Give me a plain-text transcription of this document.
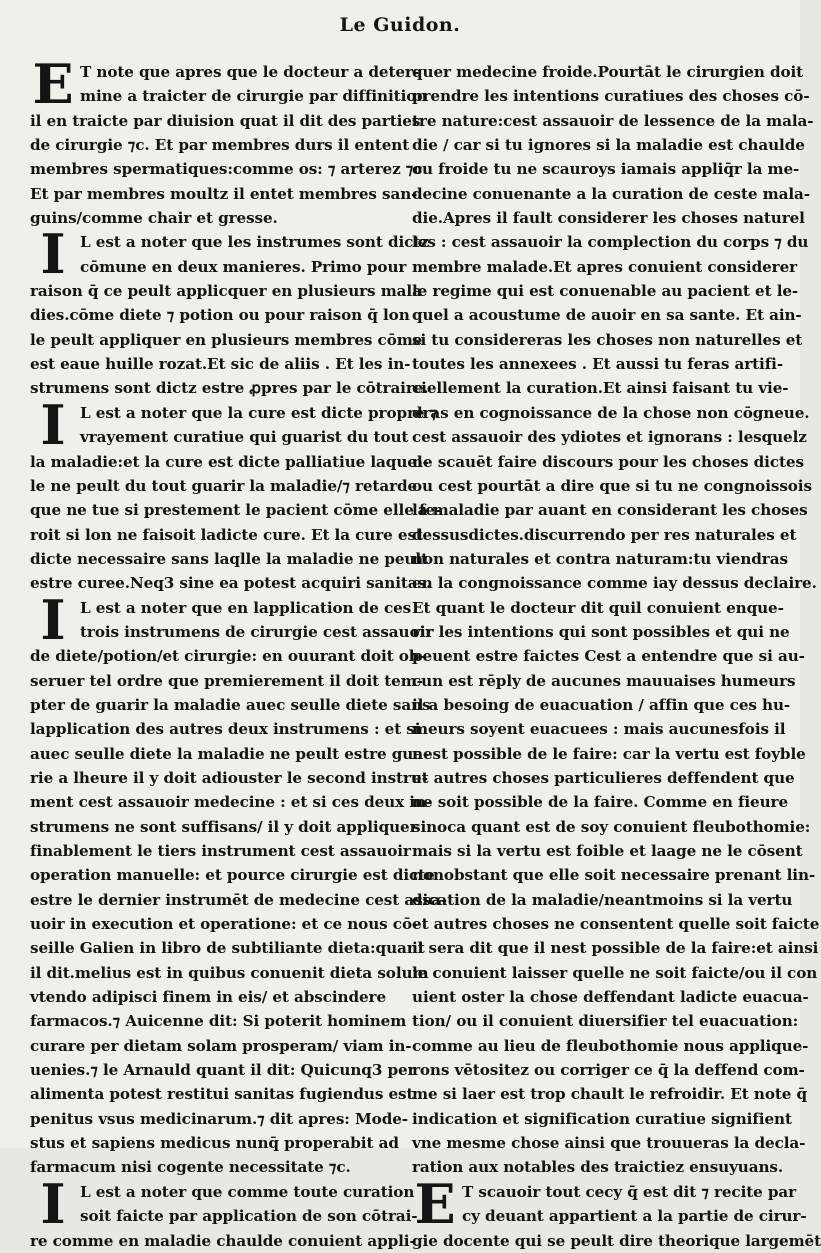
Le Guidon.

E T note que apres que le docteur a deter-
mine a traicter de cirurgie par diffinition
il en traicte par diuision quat il dit des parties
de cirurgie ⁊c. Et par membres durs il entent
membres spermatiques:comme os: ⁊ arterez ⁊c.
Et par membres moultz il entet membres san-
guins/comme chair et gresse.

I L est a noter que les instrumes sont dictz
cōmune en deux manieres. Primo pour
raison q̄ ce peult applicquer en plusieurs mala
dies.cōme diete ⁊ potion ou pour raison q̄ lon
le peult appliquer en plusieurs membres cōme
est eaue huille rozat.Et sic de aliis . Et les in-
strumens sont dictz estre ꝓpres par le cōtraire.

I L est a noter que la cure est dicte propre ⁊
vrayement curatiue qui guarist du tout
la maladie:et la cure est dicte palliatiue laquel-
le ne peult du tout guarir la maladie/⁊ retarde
que ne tue si prestement le pacient cōme elle fe-
roit si lon ne faisoit ladicte cure. Et la cure est
dicte necessaire sans laqlle la maladie ne peult
estre curee.Neq3 sine ea potest acquiri sanitas.

I L est a noter que en lapplication de ces
trois instrumens de cirurgie cest assauoir
de diete/potion/et cirurgie: en ouurant doit ob-
seruer tel ordre que premierement il doit tem-
pter de guarir la maladie auec seulle diete sans
lapplication des autres deux instrumens : et si
auec seulle diete la maladie ne peult estre gua-
rie a lheure il y doit adiouster le second instru-
ment cest assauoir medecine : et si ces deux in-
strumens ne sont suffisans/ il y doit appliquer
finablement le tiers instrument cest assauoir
operation manuelle: et pource cirurgie est dicte
estre le dernier instrumēt de medecine cest assa-
uoir in execution et operatione: et ce nous cō-
seille Galien in libro de subtiliante dieta:quant
il dit.melius est in quibus conuenit dieta solum
vtendo adipisci finem in eis/ et abscindere
farmacos.⁊ Auicenne dit: Si poterit hominem
curare per dietam solam prosperam/ viam in-
uenies.⁊ le Arnauld quant il dit: Quicunq3 per
alimenta potest restitui sanitas fugiendus est
penitus vsus medicinarum.⁊ dit apres: Mode-
stus et sapiens medicus nunq̄ properabit ad
farmacum nisi cogente necessitate ⁊c.

I L est a noter que comme toute curation
soit faicte par application de son cōtrai-
re comme en maladie chaulde conuient appli-

quer medecine froide.Pourtāt le cirurgien doit
prendre les intentions curatiues des choses cō-
tre nature:cest assauoir de lessence de la mala-
die / car si tu ignores si la maladie est chaulde
ou froide tu ne scauroys iamais appliq̄r la me-
decine conuenante a la curation de ceste mala-
die.Apres il fault considerer les choses naturel
les : cest assauoir la complection du corps ⁊ du
membre malade.Et apres conuient considerer
le regime qui est conuenable au pacient et le-
quel a acoustume de auoir en sa sante. Et ain-
si tu considereras les choses non naturelles et
toutes les annexees . Et aussi tu feras artifi-
ciellement la curation.Et ainsi faisant tu vie-
dras en cognoissance de la chose non cōgneue.
cest assauoir des ydiotes et ignorans : lesquelz
ne scauēt faire discours pour les choses dictes
ou cest pourtāt a dire que si tu ne congnoissois
la maladie par auant en considerant les choses
dessusdictes.discurrendo per res naturales et
non naturales et contra naturam:tu viendras
en la congnoissance comme iay dessus declaire.
Et quant le docteur dit quil conuient enque-
rir les intentions qui sont possibles et qui ne
peuent estre faictes Cest a entendre que si au-
cun est rēply de aucunes mauuaises humeurs
il a besoing de euacuation / affin que ces hu-
meurs soyent euacuees : mais aucunesfois il
nest possible de le faire: car la vertu est foyble
et autres choses particulieres deffendent que
ne soit possible de la faire. Comme en fieure
sinoca quant est de soy conuient fleubothomie:
mais si la vertu est foible et laage ne le cōsent
nonobstant que elle soit necessaire prenant lin-
dication de la maladie/neantmoins si la vertu
et autres choses ne consentent quelle soit faicte
il sera dit que il nest possible de la faire:et ainsi
le conuient laisser quelle ne soit faicte/ou il con
uient oster la chose deffendant ladicte euacua-
tion/ ou il conuient diuersifier tel euacuation:
comme au lieu de fleubothomie nous applique-
rons vētositez ou corriger ce q̄ la deffend com-
me si laer est trop chault le refroidir. Et note q̄
indication et signification curatiue signifient
vne mesme chose ainsi que trouueras la decla-
ration aux notables des traictiez ensuyuans.

E T scauoir tout cecy q̄ est dit ⁊ recite par
cy deuant appartient a la partie de cirur-
gie docente qui se peult dire theorique largemēt
